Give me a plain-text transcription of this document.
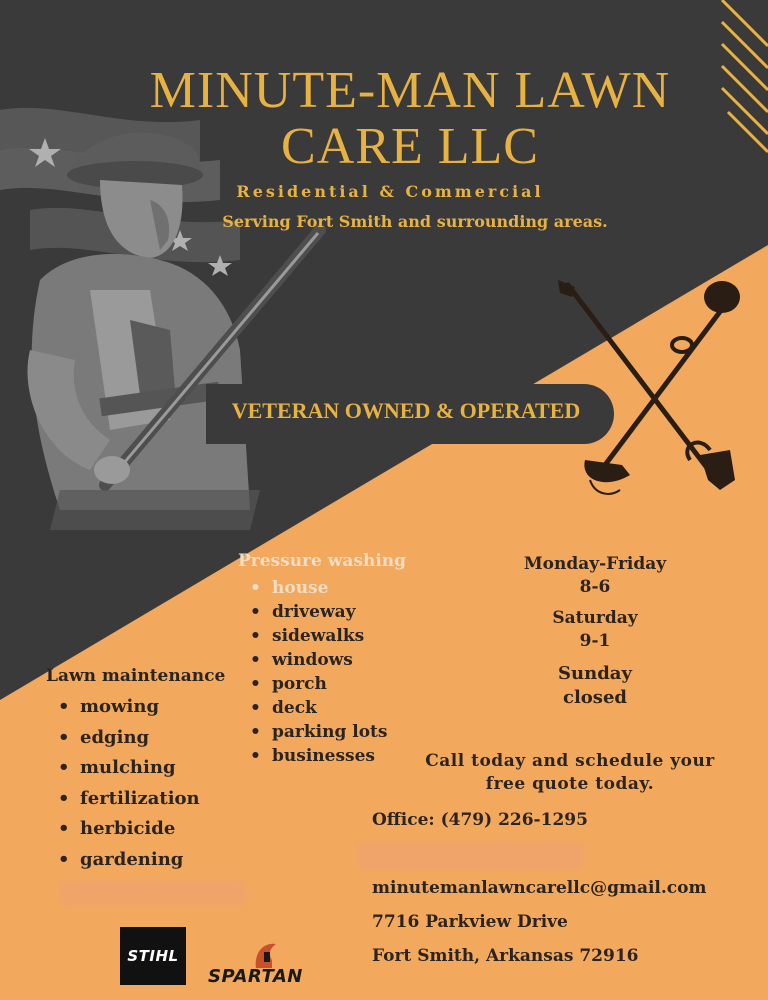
MINUTE-MAN LAWN
CARE LLC
Residential & Commercial
Serving Fort Smith and surrounding areas.
VETERAN OWNED & OPERATED
Pressure washing
• house
• driveway
• sidewalks
• windows
• porch
• deck
• parking lots
• businesses
Lawn maintenance
• mowing
• edging
• mulching
• fertilization
• herbicide
• gardening
Monday-Friday
8-6
Saturday
9-1
Sunday
closed
Call today and schedule your
free quote today.
Office: (479) 226-1295
minutemanlawncarellc@gmail.com
7716 Parkview Drive
Fort Smith, Arkansas 72916
STIHL
SPARTAN
